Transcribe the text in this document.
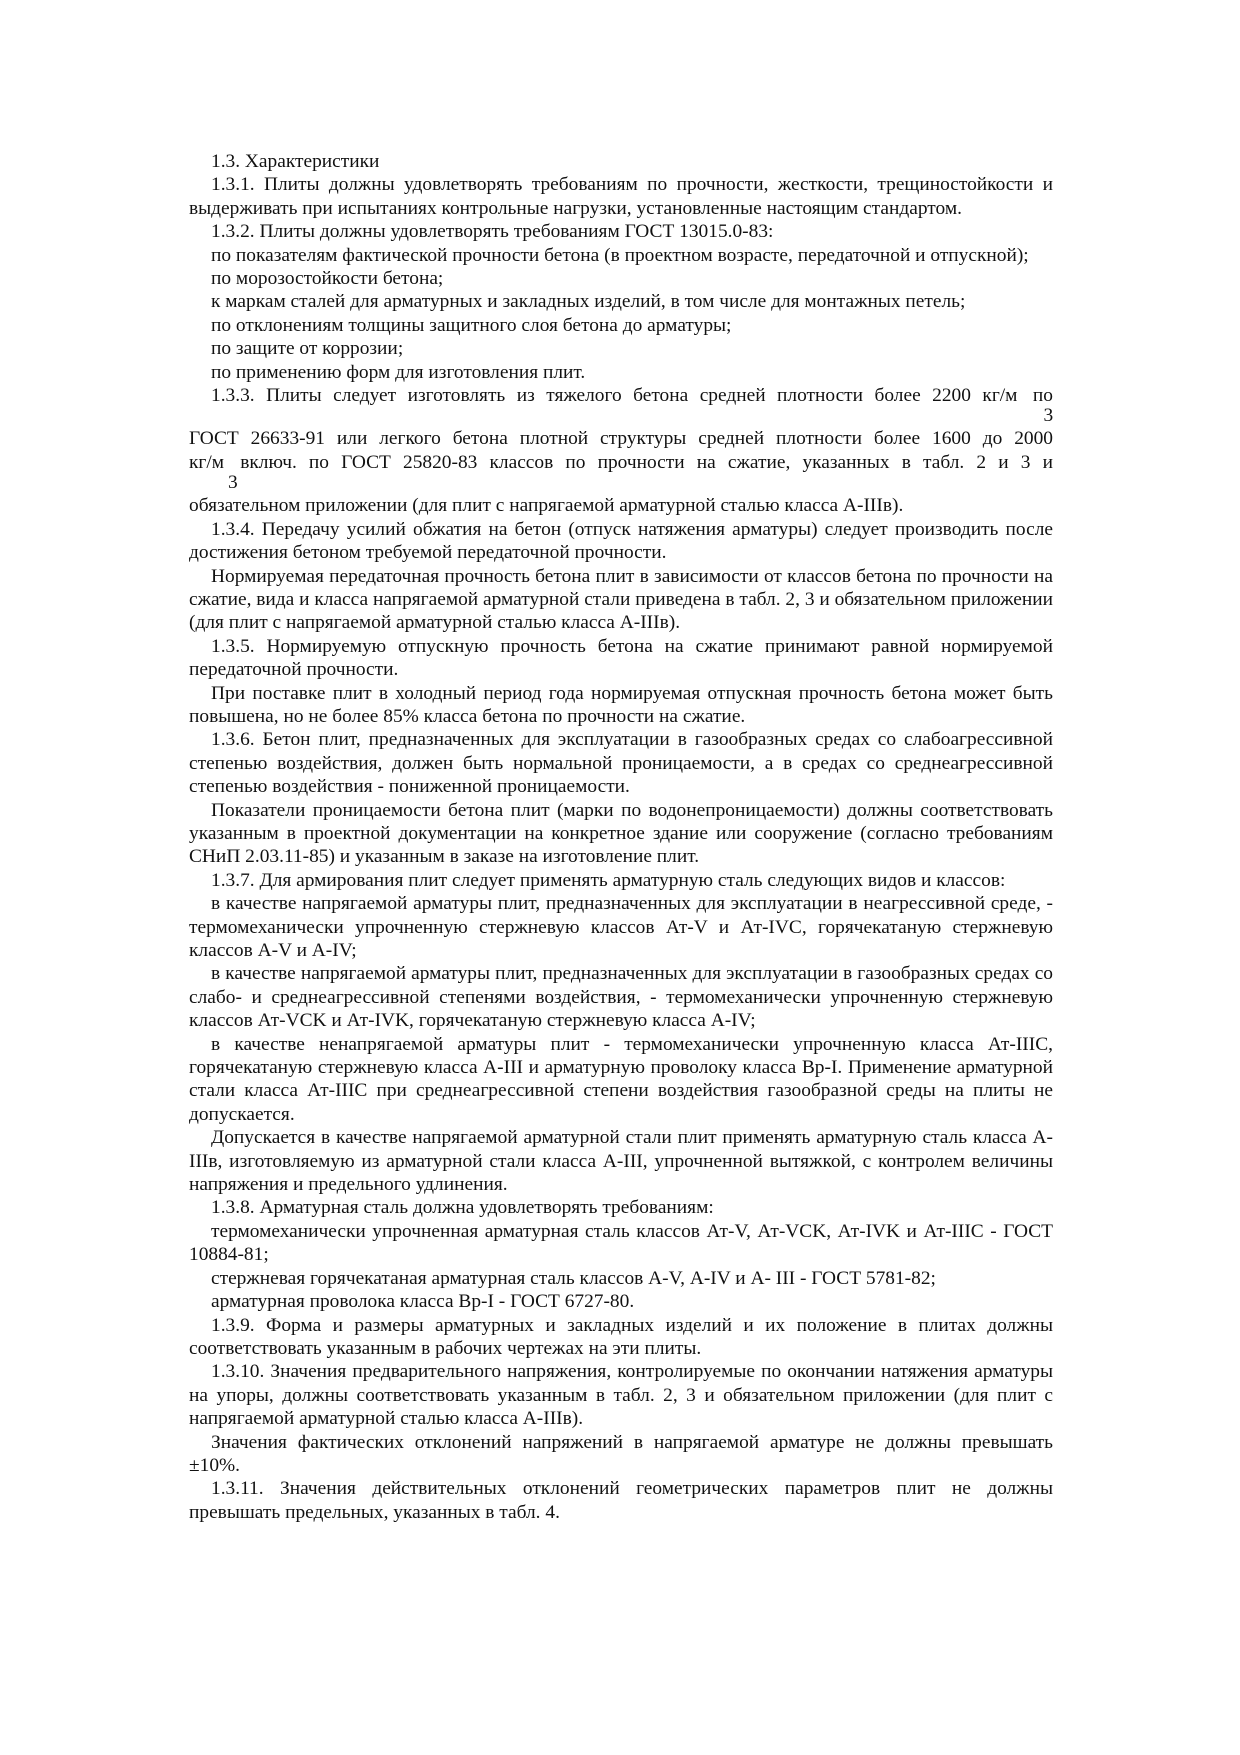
1.3. Характеристики

1.3.1. Плиты должны удовлетворять требованиям по прочности, жесткости, трещиностойкости и выдерживать при испытаниях контрольные нагрузки, установленные настоящим стандартом.

1.3.2. Плиты должны удовлетворять требованиям ГОСТ 13015.0-83:

по показателям фактической прочности бетона (в проектном возрасте, передаточной и отпускной);

по морозостойкости бетона;

к маркам сталей для арматурных и закладных изделий, в том числе для монтажных петель;

по отклонениям толщины защитного слоя бетона до арматуры;

по защите от коррозии;

по применению форм для изготовления плит.

1.3.3. Плиты следует изготовлять из тяжелого бетона средней плотности более 2200 кг/м3 по

ГОСТ 26633-91 или легкого бетона плотной структуры средней плотности более 1600 до 2000

кг/м3 включ. по ГОСТ 25820-83 классов по прочности на сжатие, указанных в табл. 2 и 3 и

обязательном приложении (для плит с напрягаемой арматурной сталью класса А-IIIв).

1.3.4. Передачу усилий обжатия на бетон (отпуск натяжения арматуры) следует производить после достижения бетоном требуемой передаточной прочности.

Нормируемая передаточная прочность бетона плит в зависимости от классов бетона по прочности на сжатие, вида и класса напрягаемой арматурной стали приведена в табл. 2, 3 и обязательном приложении (для плит с напрягаемой арматурной сталью класса А-IIIв).

1.3.5. Нормируемую отпускную прочность бетона на сжатие принимают равной нормируемой передаточной прочности.

При поставке плит в холодный период года нормируемая отпускная прочность бетона может быть повышена, но не более 85% класса бетона по прочности на сжатие.

1.3.6. Бетон плит, предназначенных для эксплуатации в газообразных средах со слабоагрессивной степенью воздействия, должен быть нормальной проницаемости, а в средах со среднеагрессивной степенью воздействия - пониженной проницаемости.

Показатели проницаемости бетона плит (марки по водонепроницаемости) должны соответствовать указанным в проектной документации на конкретное здание или сооружение (согласно требованиям СНиП 2.03.11-85) и указанным в заказе на изготовление плит.

1.3.7. Для армирования плит следует применять арматурную сталь следующих видов и классов:

в качестве напрягаемой арматуры плит, предназначенных для эксплуатации в неагрессивной среде, - термомеханически упрочненную стержневую классов Ат-V и Ат-IVC, горячекатаную стержневую классов А-V и А-IV;

в качестве напрягаемой арматуры плит, предназначенных для эксплуатации в газообразных средах со слабо- и среднеагрессивной степенями воздействия, - термомеханически упрочненную стержневую классов Ат-VCK и Ат-IVK, горячекатаную стержневую класса А-IV;

в качестве ненапрягаемой арматуры плит - термомеханически упрочненную класса Ат-IIIC, горячекатаную стержневую класса А-III и арматурную проволоку класса Вр-I. Применение арматурной стали класса Ат-IIIC при среднеагрессивной степени воздействия газообразной среды на плиты не допускается.

Допускается в качестве напрягаемой арматурной стали плит применять арматурную сталь класса А-IIIв, изготовляемую из арматурной стали класса А-III, упрочненной вытяжкой, с контролем величины напряжения и предельного удлинения.

1.3.8. Арматурная сталь должна удовлетворять требованиям:

термомеханически упрочненная арматурная сталь классов Ат-V, Ат-VCK, Ат-IVK и Ат-IIIC - ГОСТ 10884-81;

стержневая горячекатаная арматурная сталь классов А-V, А-IV и А- III - ГОСТ 5781-82;

арматурная проволока класса Вр-I - ГОСТ 6727-80.

1.3.9. Форма и размеры арматурных и закладных изделий и их положение в плитах должны соответствовать указанным в рабочих чертежах на эти плиты.

1.3.10. Значения предварительного напряжения, контролируемые по окончании натяжения арматуры на упоры, должны соответствовать указанным в табл. 2, 3 и обязательном приложении (для плит с напрягаемой арматурной сталью класса А-IIIв).

Значения фактических отклонений напряжений в напрягаемой арматуре не должны превышать ±10%.

1.3.11. Значения действительных отклонений геометрических параметров плит не должны превышать предельных, указанных в табл. 4.
